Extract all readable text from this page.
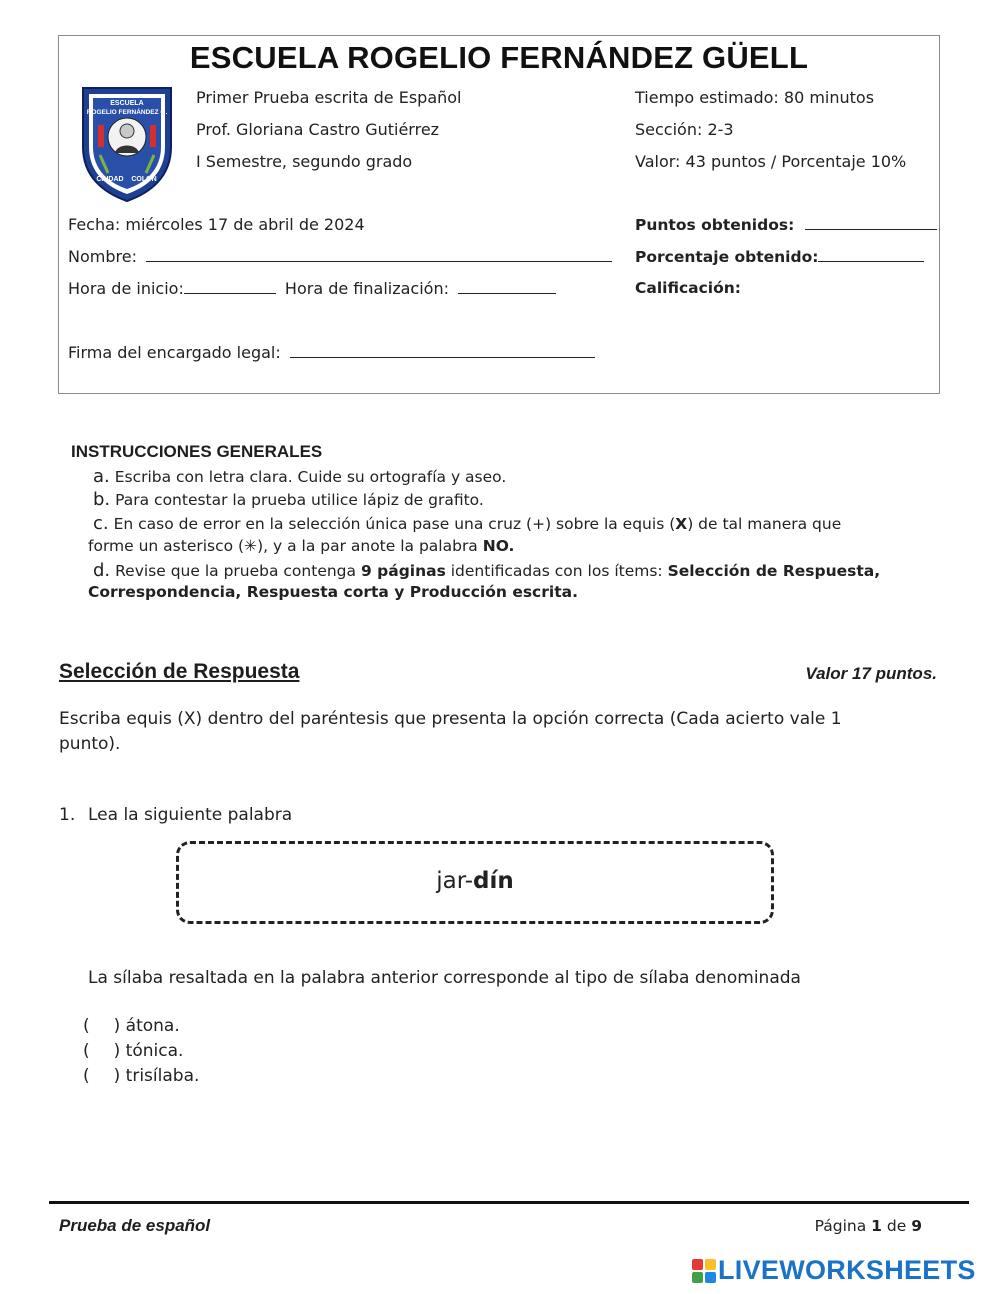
ESCUELA ROGELIO FERNÁNDEZ GÜELL
ESCUELA
ROGELIO FERNÁNDEZ G.
CIUDAD COLON
Primer Prueba escrita de Español
Prof. Gloriana Castro Gutiérrez
I Semestre, segundo grado
Tiempo estimado: 80 minutos
Sección: 2-3
Valor: 43 puntos / Porcentaje 10%
Fecha: miércoles 17 de abril de 2024
Nombre:
Hora de inicio:	Hora de finalización:
Firma del encargado legal:
Puntos obtenidos:
Porcentaje obtenido:
Calificación:
INSTRUCCIONES GENERALES
a. Escriba con letra clara. Cuide su ortografía y aseo.
b. Para contestar la prueba utilice lápiz de grafito.
c. En caso de error en la selección única pase una cruz (+) sobre la equis (X) de tal manera que
forme un asterisco (✳), y a la par anote la palabra NO.
d. Revise que la prueba contenga 9 páginas identificadas con los ítems: Selección de Respuesta,
Correspondencia, Respuesta corta y Producción escrita.
Selección de Respuesta	Valor 17 puntos.
Escriba equis (X) dentro del paréntesis que presenta la opción correcta (Cada acierto vale 1
punto).
1. Lea la siguiente palabra
jar-dín
La sílaba resaltada en la palabra anterior corresponde al tipo de sílaba denominada
( ) átona.
( ) tónica.
( ) trisílaba.
Prueba de español	Página 1 de 9
LIVEWORKSHEETS
